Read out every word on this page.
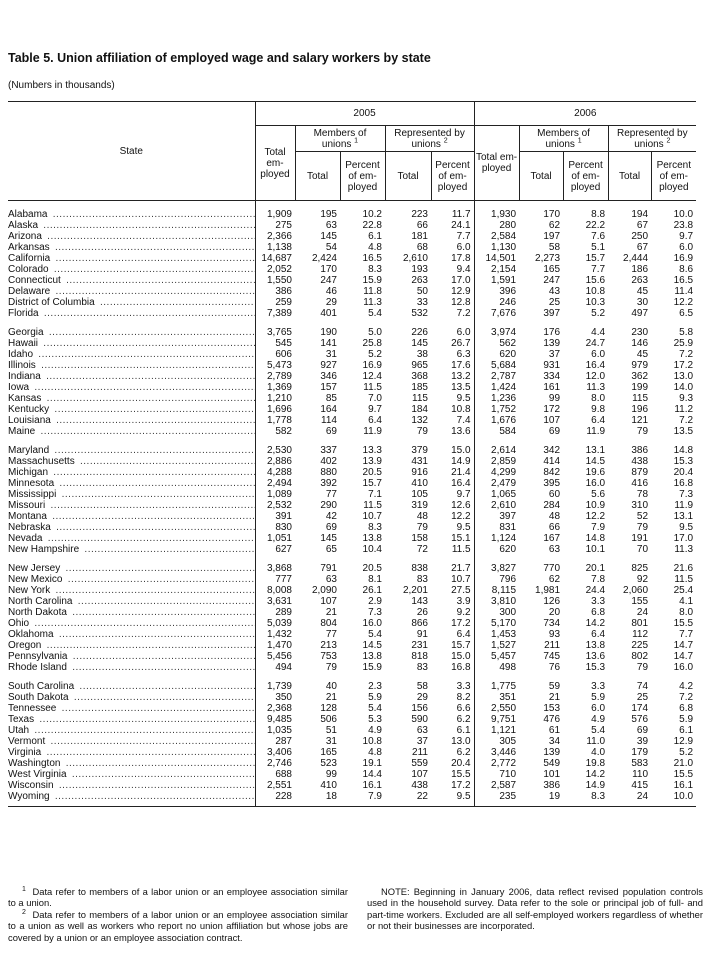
Table 5. Union affiliation of employed wage and salary workers by state
(Numbers in thousands)
State	2005					2006				
	Total em- ployed	Members of unions $^1$		Represented by unions $^2$		Total em- ployed	Members of unions $^1$		Represented by unions $^2$
		Total	Percent of em- ployed	Total	Percent of em- ployed		Total	Percent of em- ployed	Total	Percent of em- ployed

Alabama .....	1,909	195	10.2	223	11.7	1,930	170	8.8	194	10.0

Alaska .....	275	63	22.8	66	24.1	280	62	22.2	67	23.8

Arizona .....	2,366	145	6.1	181	7.7	2,584	197	7.6	250	9.7

Arkansas .....	1,138	54	4.8	68	6.0	1,130	58	5.1	67	6.0

California .....	14,687	2,424	16.5	2,610	17.8	14,501	2,273	15.7	2,444	16.9

Colorado .....	2,052	170	8.3	193	9.4	2,154	165	7.7	186	8.6

Connecticut .....	1,550	247	15.9	263	17.0	1,591	247	15.6	263	16.5

Delaware .....	386	46	11.8	50	12.9	396	43	10.8	45	11.4

District of Columbia .....	259	29	11.3	33	12.8	246	25	10.3	30	12.2

Florida .....	7,389	401	5.4	532	7.2	7,676	397	5.2	497	6.5

Georgia .....	3,765	190	5.0	226	6.0	3,974	176	4.4	230	5.8

Hawaii .....	545	141	25.8	145	26.7	562	139	24.7	146	25.9

Idaho .....	606	31	5.2	38	6.3	620	37	6.0	45	7.2

Illinois .....	5,473	927	16.9	965	17.6	5,684	931	16.4	979	17.2

Indiana .....	2,789	346	12.4	368	13.2	2,787	334	12.0	362	13.0

Iowa .....	1,369	157	11.5	185	13.5	1,424	161	11.3	199	14.0

Kansas .....	1,210	85	7.0	115	9.5	1,236	99	8.0	115	9.3

Kentucky .....	1,696	164	9.7	184	10.8	1,752	172	9.8	196	11.2

Louisiana .....	1,778	114	6.4	132	7.4	1,676	107	6.4	121	7.2

Maine .....	582	69	11.9	79	13.6	584	69	11.9	79	13.5

Maryland .....	2,530	337	13.3	379	15.0	2,614	342	13.1	386	14.8

Massachusetts .....	2,886	402	13.9	431	14.9	2,859	414	14.5	438	15.3

Michigan .....	4,288	880	20.5	916	21.4	4,299	842	19.6	879	20.4

Minnesota .....	2,494	392	15.7	410	16.4	2,479	395	16.0	416	16.8

Mississippi .....	1,089	77	7.1	105	9.7	1,065	60	5.6	78	7.3

Missouri .....	2,532	290	11.5	319	12.6	2,610	284	10.9	310	11.9

Montana .....	391	42	10.7	48	12.2	397	48	12.2	52	13.1

Nebraska .....	830	69	8.3	79	9.5	831	66	7.9	79	9.5

Nevada .....	1,051	145	13.8	158	15.1	1,124	167	14.8	191	17.0

New Hampshire .....	627	65	10.4	72	11.5	620	63	10.1	70	11.3

New Jersey .....	3,868	791	20.5	838	21.7	3,827	770	20.1	825	21.6

New Mexico .....	777	63	8.1	83	10.7	796	62	7.8	92	11.5

New York .....	8,008	2,090	26.1	2,201	27.5	8,115	1,981	24.4	2,060	25.4

North Carolina .....	3,631	107	2.9	143	3.9	3,810	126	3.3	155	4.1

North Dakota .....	289	21	7.3	26	9.2	300	20	6.8	24	8.0

Ohio .....	5,039	804	16.0	866	17.2	5,170	734	14.2	801	15.5

Oklahoma .....	1,432	77	5.4	91	6.4	1,453	93	6.4	112	7.7

Oregon .....	1,470	213	14.5	231	15.7	1,527	211	13.8	225	14.7

Pennsylvania .....	5,456	753	13.8	818	15.0	5,457	745	13.6	802	14.7

Rhode Island .....	494	79	15.9	83	16.8	498	76	15.3	79	16.0

South Carolina .....	1,739	40	2.3	58	3.3	1,775	59	3.3	74	4.2

South Dakota .....	350	21	5.9	29	8.2	351	21	5.9	25	7.2

Tennessee .....	2,368	128	5.4	156	6.6	2,550	153	6.0	174	6.8

Texas .....	9,485	506	5.3	590	6.2	9,751	476	4.9	576	5.9

Utah .....	1,035	51	4.9	63	6.1	1,121	61	5.4	69	6.1

Vermont .....	287	31	10.8	37	13.0	305	34	11.0	39	12.9

Virginia .....	3,406	165	4.8	211	6.2	3,446	139	4.0	179	5.2

Washington .....	2,746	523	19.1	559	20.4	2,772	549	19.8	583	21.0

West Virginia .....	688	99	14.4	107	15.5	710	101	14.2	110	15.5

Wisconsin .....	2,551	410	16.1	438	17.2	2,587	386	14.9	415	16.1

Wyoming .....	228	18	7.9	22	9.5	235	19	8.3	24	10.0

$^1$ Data refer to members of a labor union or an employee association similar to a union.

$^2$ Data refer to members of a labor union or an employee association similar to a union as well as workers who report no union affiliation but whose jobs are covered by a union or an employee association contract.

NOTE: Beginning in January 2006, data reflect revised population controls used in the household survey. Data refer to the sole or principal job of full- and part-time workers. Excluded are all self-employed workers regardless of whether or not their businesses are incorporated.
